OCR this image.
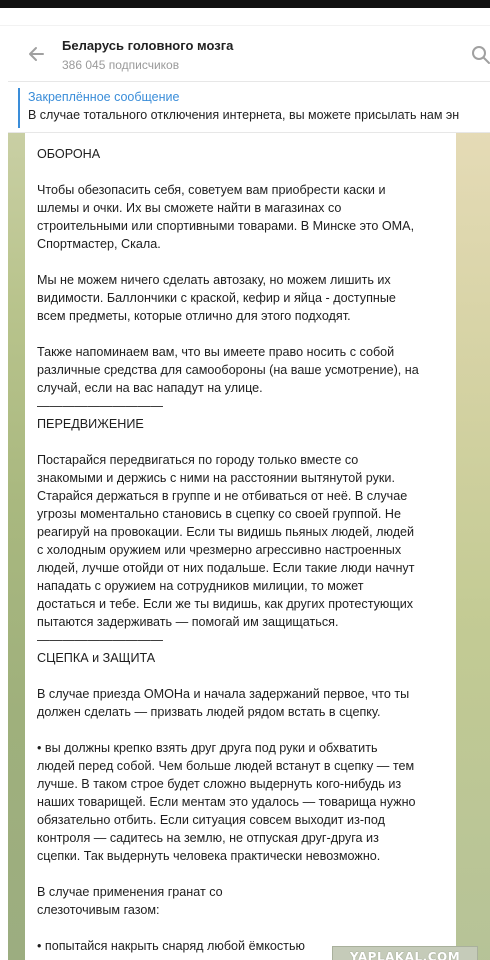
Беларусь головного мозга
386 045 подписчиков
Закреплённое сообщение
В случае тотального отключения интернета, вы можете присылать нам эн
ОБОРОНА
Чтобы обезопасить себя, советуем вам приобрести каски и
шлемы и очки. Их вы сможете найти в магазинах со
строительными или спортивными товарами. В Минске это ОМА,
Спортмастер, Скала.
Мы не можем ничего сделать автозаку, но можем лишить их
видимости. Баллончики с краской, кефир и яйца - доступные
всем предметы, которые отлично для этого подходят.
Также напоминаем вам, что вы имеете право носить с собой
различные средства для самообороны (на ваше усмотрение), на
случай, если на вас нападут на улице.
——————————
ПЕРЕДВИЖЕНИЕ
Постарайся передвигаться по городу только вместе со
знакомыми и держись с ними на расстоянии вытянутой руки.
Старайся держаться в группе и не отбиваться от неё. В случае
угрозы моментально становись в сцепку со своей группой. Не
реагируй на провокации. Если ты видишь пьяных людей, людей
с холодным оружием или чрезмерно агрессивно настроенных
людей, лучше отойди от них подальше. Если такие люди начнут
нападать с оружием на сотрудников милиции, то может
достаться и тебе. Если же ты видишь, как других протестующих
пытаются задерживать — помогай им защищаться.
——————————
СЦЕПКА и ЗАЩИТА
В случае приезда ОМОНа и начала задержаний первое, что ты
должен сделать — призвать людей рядом встать в сцепку.
• вы должны крепко взять друг друга под руки и обхватить
людей перед собой. Чем больше людей встанут в сцепку — тем
лучше. В таком строе будет сложно выдернуть кого-нибудь из
наших товарищей. Если ментам это удалось — товарища нужно
обязательно отбить. Если ситуация совсем выходит из-под
контроля — садитесь на землю, не отпуская друг-друга из
сцепки. Так выдернуть человека практически невозможно.
В случае применения гранат со
слезоточивым газом:
• попытайся накрыть снаряд любой ёмкостью
YAPLAKAL.COM
